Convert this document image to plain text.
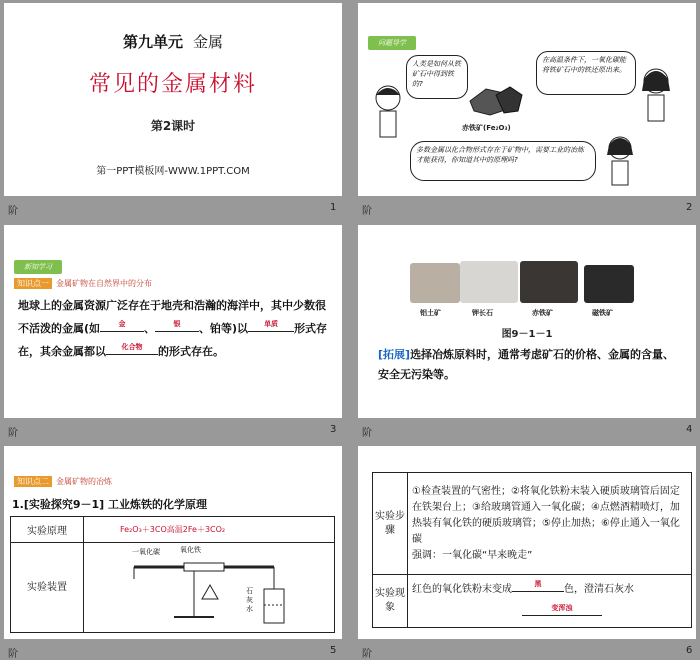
第九单元 金属
常见的金属材料
第2课时
第一PPT模板网-WWW.1PPT.COM
1
问题导学
人类是如何从铁矿石中得到铁的?
在高温条件下，一氧化碳能将铁矿石中的铁还原出来。
多数金属以化合物形式存在于矿物中，需要工业的冶炼才能获得，你知道其中的原理吗?
赤铁矿(Fe₂O₃)
2
阶	阶
新知学习
知识点一 金属矿物在自然界中的分布
地球上的金属资源广泛存在于地壳和浩瀚的海洋中，其中少数很不活泼的金属(如	金	、	银	、铂等)以	单质	形式存在，其余金属都以	化合物	的形式存在。
3
铝土矿	钾长石	赤铁矿	磁铁矿
图9－1－1
[拓展]选择冶炼原料时，通常考虑矿石的价格、金属的含量、安全无污染等。
4
阶	阶
知识点二 金属矿物的冶炼
1.[实验探究9－1] 工业炼铁的化学原理
实验原理	Fe₂O₃＋3CO高温2Fe＋3CO₂
实验装置	一氧化碳 氧化铁
石灰水
5
实验步骤	①检查装置的气密性；②将氧化铁粉末装入硬质玻璃管后固定在铁架台上；③给玻璃管通入一氧化碳；④点燃酒精喷灯，加热装有氧化铁的硬质玻璃管；⑤停止加热；⑥停止通入一氧化碳
强调：一氧化碳“早来晚走”

实验现象	红色的氧化铁粉末变成 黑 色，澄清石灰水

变浑浊
6
阶	阶
